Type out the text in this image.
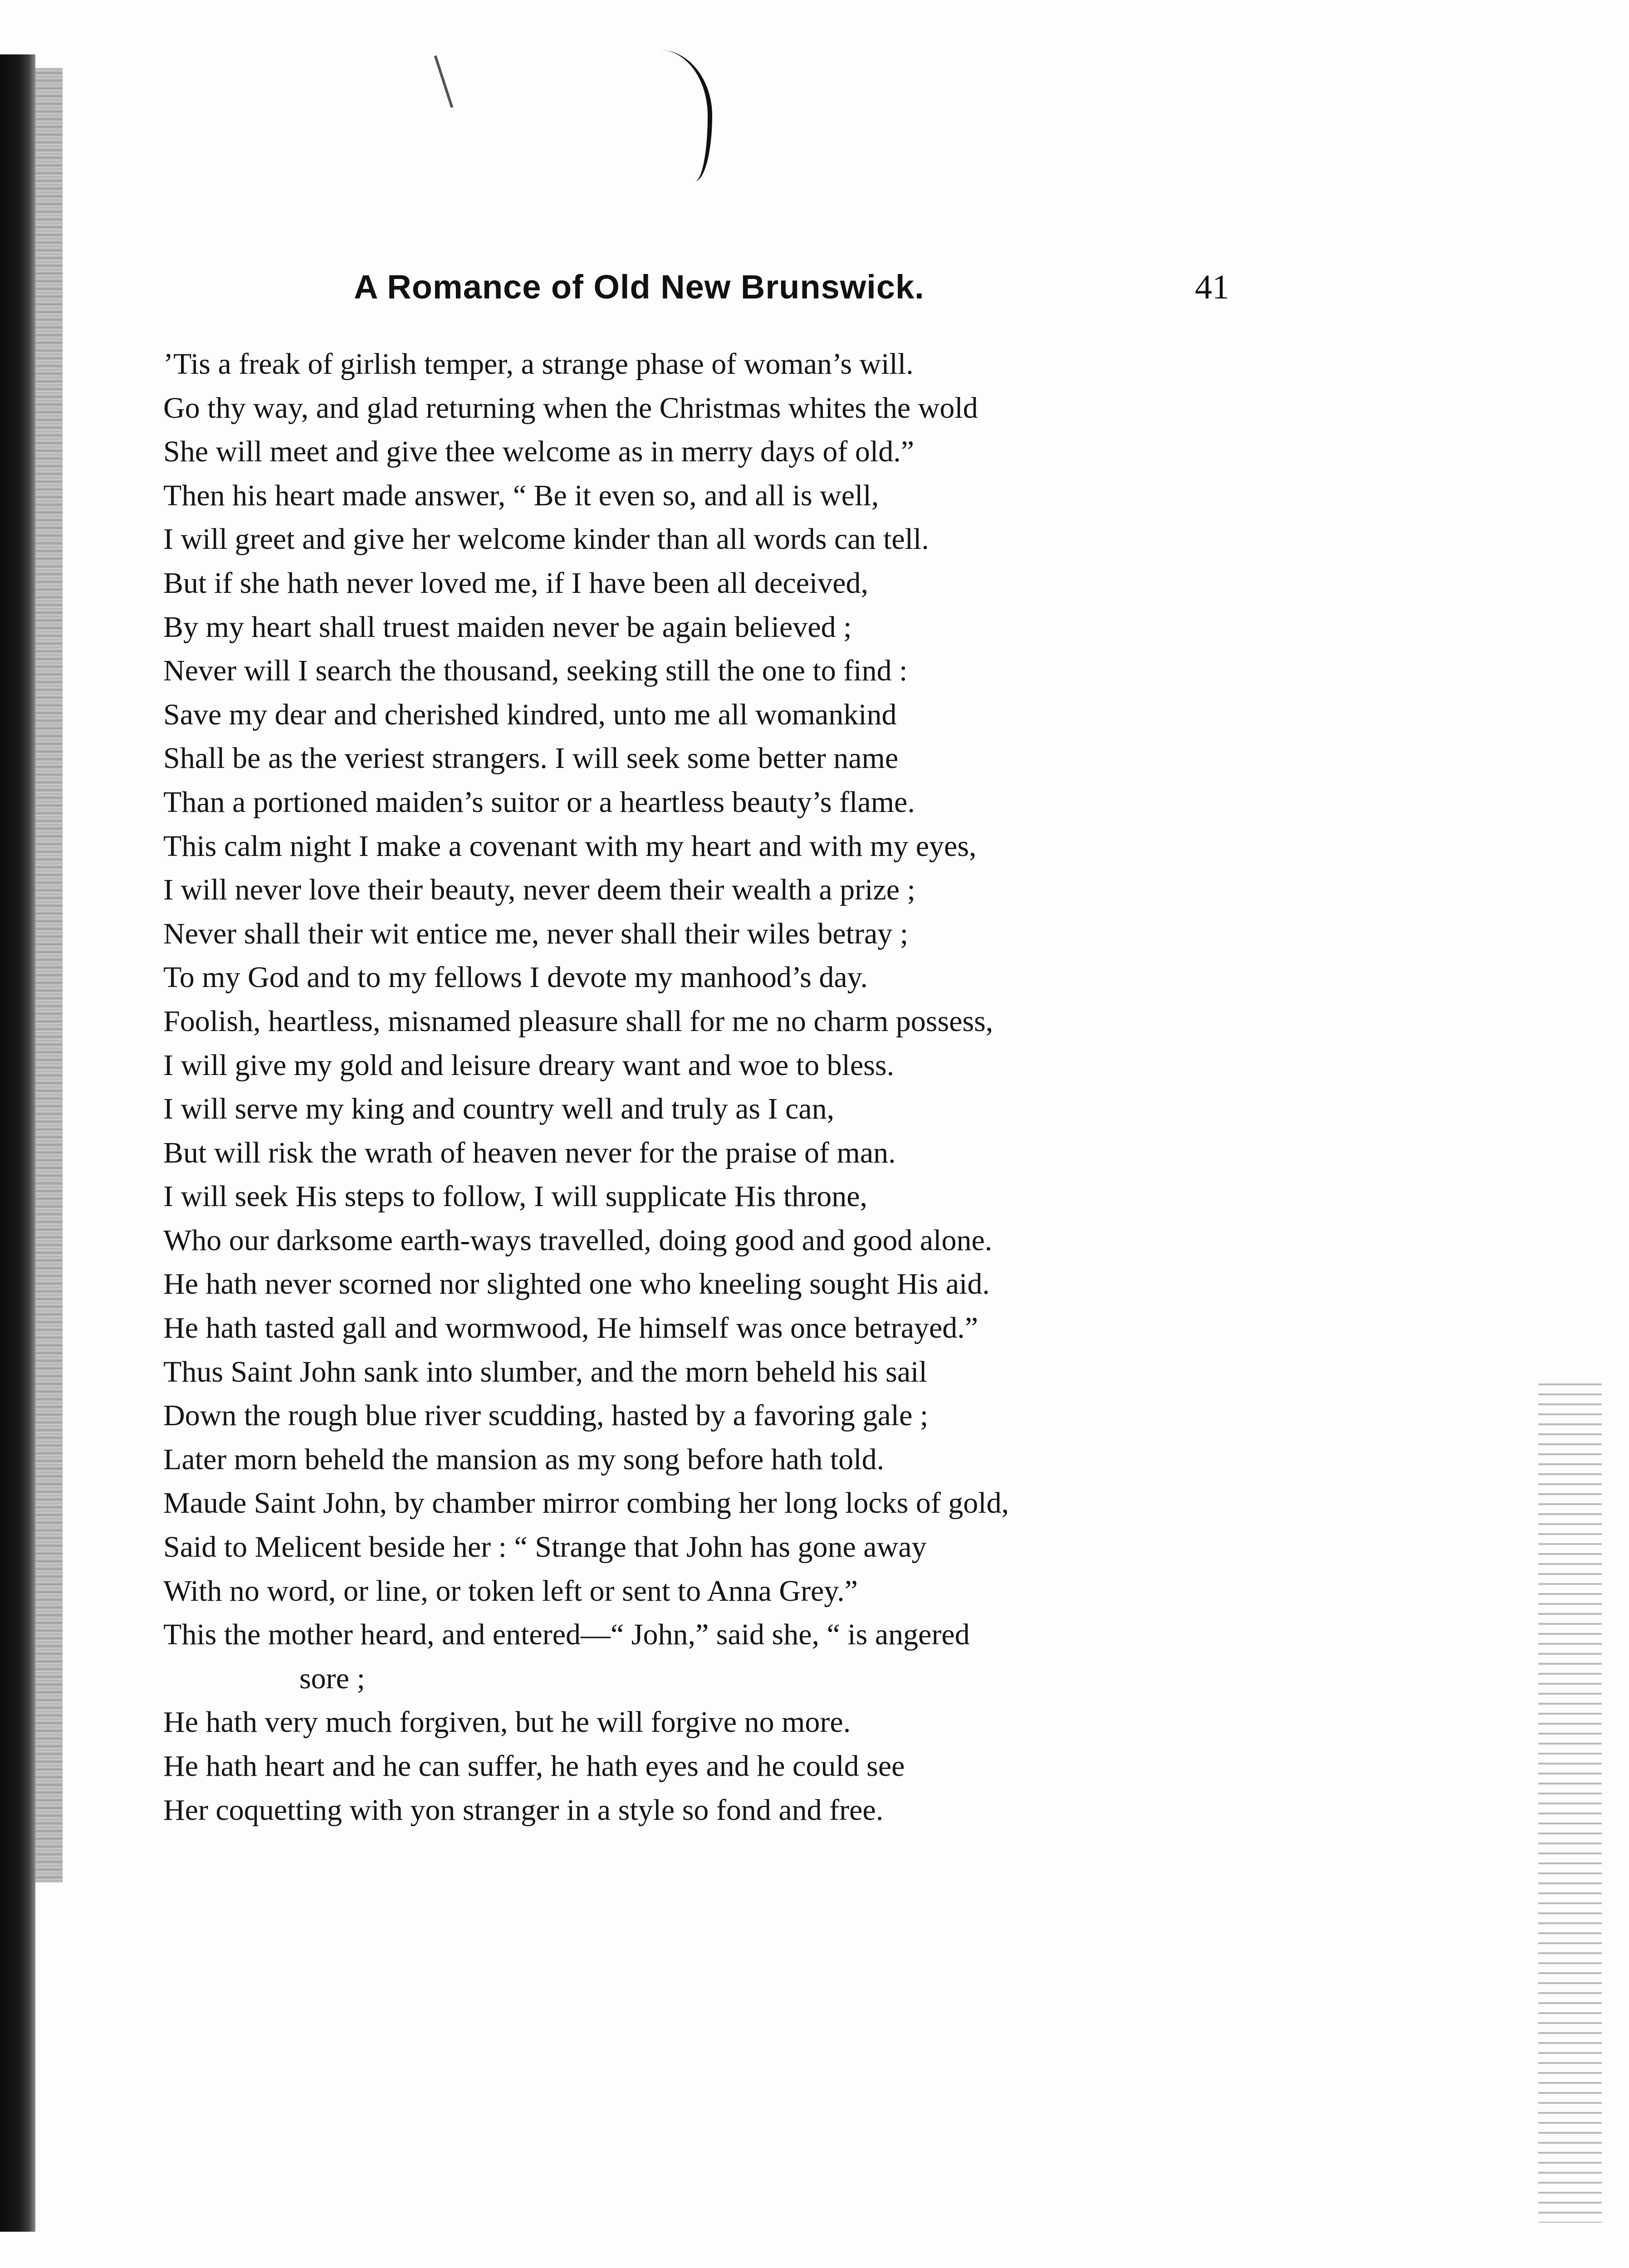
A Romance of Old New Brunswick.	41
’Tis a freak of girlish temper, a strange phase of woman’s will.
Go thy way, and glad returning when the Christmas whites the wold
She will meet and give thee welcome as in merry days of old.”
Then his heart made answer, “ Be it even so, and all is well,
I will greet and give her welcome kinder than all words can tell.
But if she hath never loved me, if I have been all deceived,
By my heart shall truest maiden never be again believed ;
Never will I search the thousand, seeking still the one to find :
Save my dear and cherished kindred, unto me all womankind
Shall be as the veriest strangers. I will seek some better name
Than a portioned maiden’s suitor or a heartless beauty’s flame.
This calm night I make a covenant with my heart and with my eyes,
I will never love their beauty, never deem their wealth a prize ;
Never shall their wit entice me, never shall their wiles betray ;
To my God and to my fellows I devote my manhood’s day.
Foolish, heartless, misnamed pleasure shall for me no charm possess,
I will give my gold and leisure dreary want and woe to bless.
I will serve my king and country well and truly as I can,
But will risk the wrath of heaven never for the praise of man.
I will seek His steps to follow, I will supplicate His throne,
Who our darksome earth-ways travelled, doing good and good alone.
He hath never scorned nor slighted one who kneeling sought His aid.
He hath tasted gall and wormwood, He himself was once betrayed.”
Thus Saint John sank into slumber, and the morn beheld his sail
Down the rough blue river scudding, hasted by a favoring gale ;
Later morn beheld the mansion as my song before hath told.
Maude Saint John, by chamber mirror combing her long locks of gold,
Said to Melicent beside her : “ Strange that John has gone away
With no word, or line, or token left or sent to Anna Grey.”
This the mother heard, and entered—“ John,” said she, “ is angered
sore ;
He hath very much forgiven, but he will forgive no more.
He hath heart and he can suffer, he hath eyes and he could see
Her coquetting with yon stranger in a style so fond and free.
